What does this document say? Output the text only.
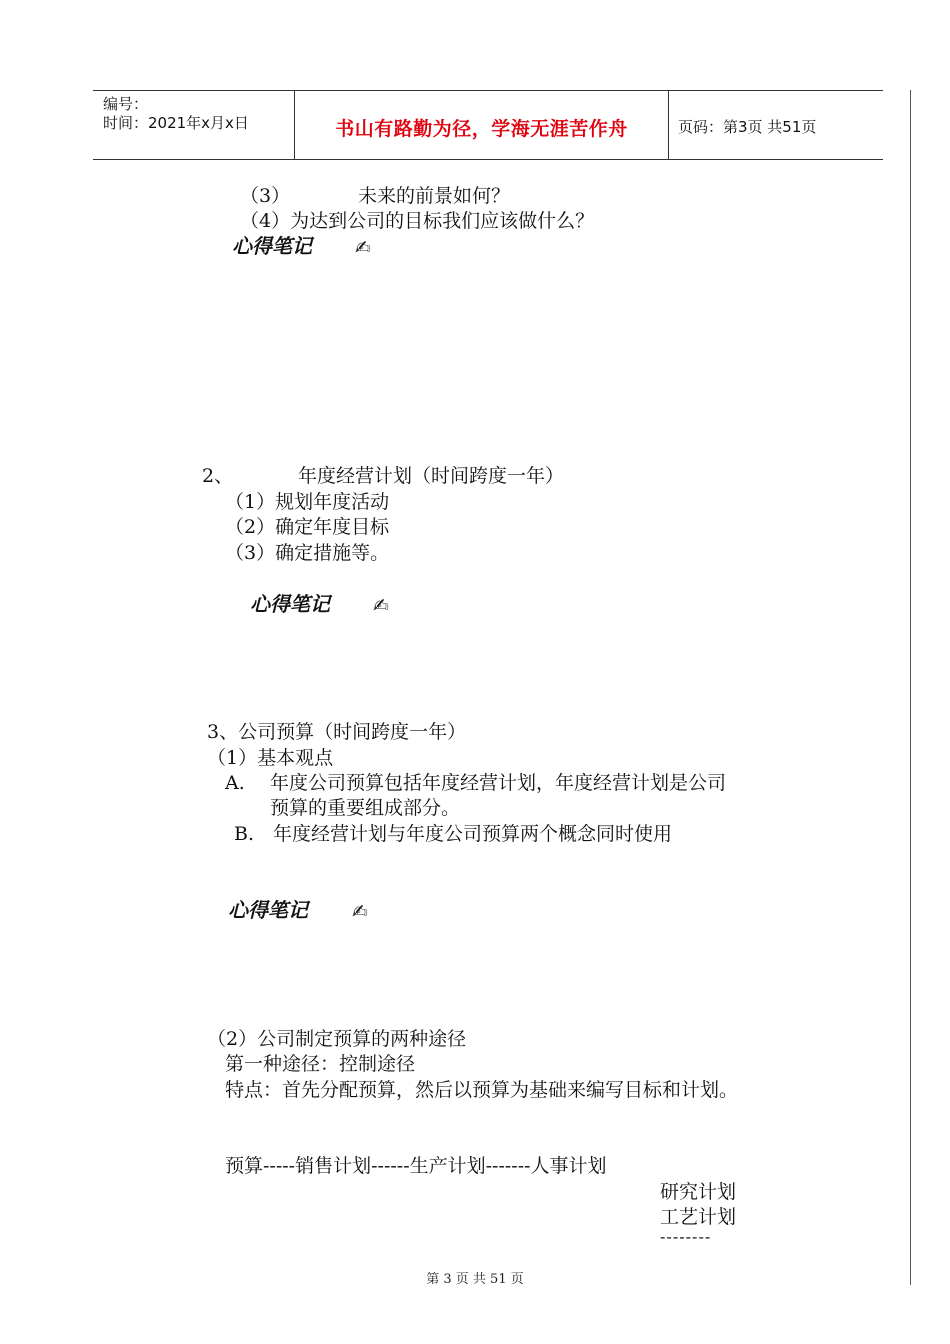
编号：
时间：2021年x月x日	书山有路勤为径，学海无涯苦作舟	页码：第3页 共51页
（3）	未来的前景如何？
（4）为达到公司的目标我们应该做什么？
心得笔记 ✍
2、	年度经营计划（时间跨度一年）
（1）规划年度活动
（2）确定年度目标
（3）确定措施等。
心得笔记 ✍
3、公司预算（时间跨度一年）
（1）基本观点
A. 年度公司预算包括年度经营计划，年度经营计划是公司
预算的重要组成部分。
B. 年度经营计划与年度公司预算两个概念同时使用
心得笔记 ✍
（2）公司制定预算的两种途径
第一种途径：控制途径
特点：首先分配预算，然后以预算为基础来编写目标和计划。
预算-----销售计划------生产计划-------人事计划
研究计划
工艺计划
--------
第 3 页 共 51 页
